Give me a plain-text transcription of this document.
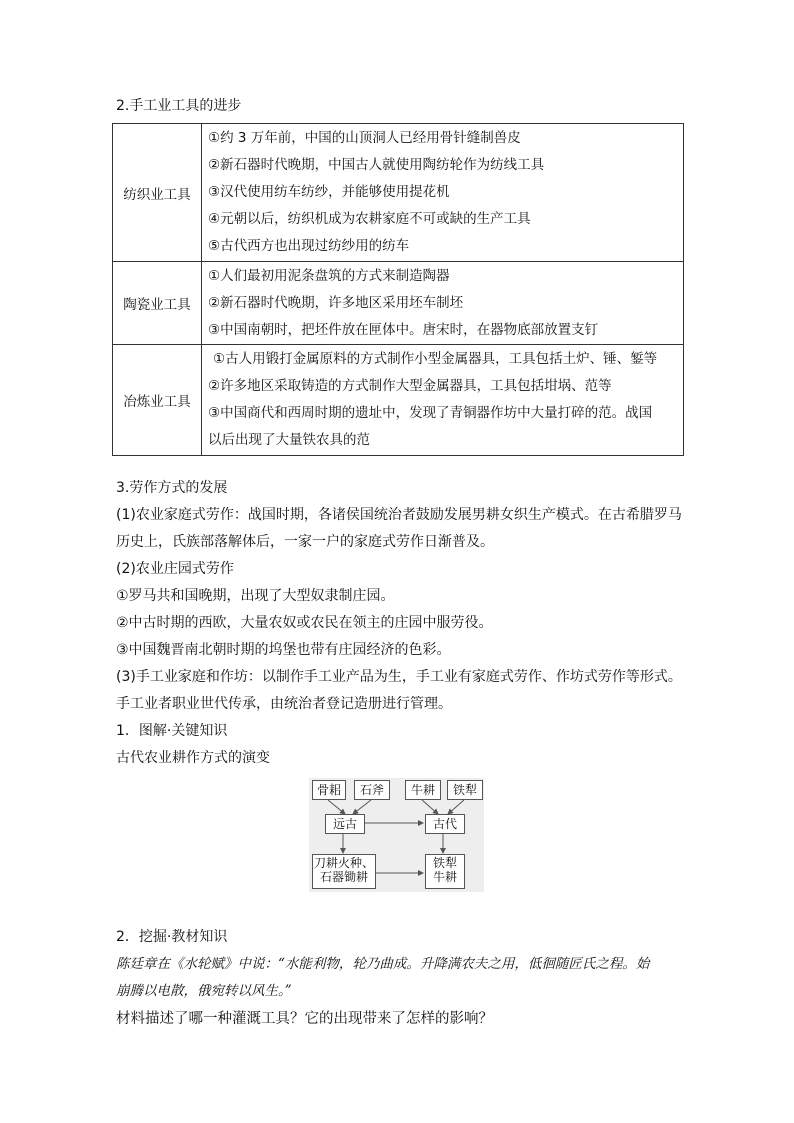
2.手工业工具的进步
纺织业工具	①约 3 万年前，中国的山顶洞人已经用骨针缝制兽皮
②新石器时代晚期，中国古人就使用陶纺轮作为纺线工具
③汉代使用纺车纺纱，并能够使用提花机
④元朝以后，纺织机成为农耕家庭不可或缺的生产工具
⑤古代西方也出现过纺纱用的纺车

陶瓷业工具	①人们最初用泥条盘筑的方式来制造陶器
②新石器时代晚期，许多地区采用坯车制坯
③中国南朝时，把坯件放在匣体中。唐宋时，在器物底部放置支钉

冶炼业工具	①古人用锻打金属原料的方式制作小型金属器具，工具包括土炉、锤、錾等
②许多地区采取铸造的方式制作大型金属器具，工具包括坩埚、范等
③中国商代和西周时期的遗址中，发现了青铜器作坊中大量打碎的范。战国
以后出现了大量铁农具的范
3.劳作方式的发展
(1)农业家庭式劳作：战国时期，各诸侯国统治者鼓励发展男耕女织生产模式。在古希腊罗马
历史上，氏族部落解体后，一家一户的家庭式劳作日渐普及。
(2)农业庄园式劳作
①罗马共和国晚期，出现了大型奴隶制庄园。
②中古时期的西欧，大量农奴或农民在领主的庄园中服劳役。
③中国魏晋南北朝时期的坞堡也带有庄园经济的色彩。
(3)手工业家庭和作坊：以制作手工业产品为生，手工业有家庭式劳作、作坊式劳作等形式。
手工业者职业世代传承，由统治者登记造册进行管理。
1．图解·关键知识
古代农业耕作方式的演变
骨耜	石斧	牛耕	铁犁
远古	古代
刀耕火种、
石器锄耕
铁犁
牛耕
2．挖掘·教材知识
陈廷章在《水轮赋》中说：“水能利物，轮乃曲成。升降满农夫之用，低徊随匠氏之程。始
崩腾以电散，俄宛转以风生。”
材料描述了哪一种灌溉工具？它的出现带来了怎样的影响？
